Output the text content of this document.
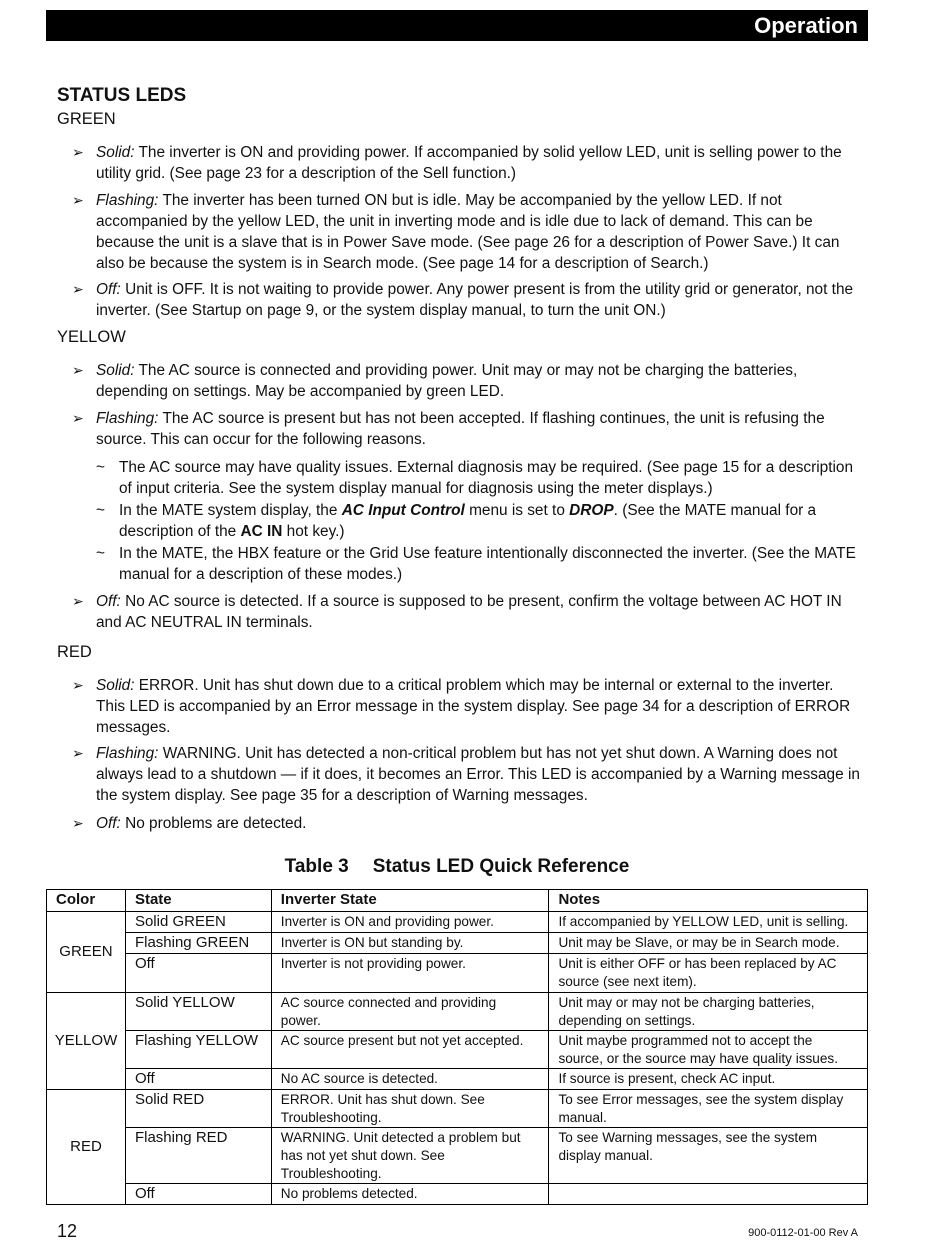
Operation
STATUS LEDS
GREEN
➢ Solid: The inverter is ON and providing power. If accompanied by solid yellow LED, unit is selling power to the utility grid. (See page 23 for a description of the Sell function.)
➢ Flashing: The inverter has been turned ON but is idle. May be accompanied by the yellow LED. If not accompanied by the yellow LED, the unit in inverting mode and is idle due to lack of demand. This can be because the unit is a slave that is in Power Save mode. (See page 26 for a description of Power Save.) It can also be because the system is in Search mode. (See page 14 for a description of Search.)
➢ Off: Unit is OFF. It is not waiting to provide power. Any power present is from the utility grid or generator, not the inverter. (See Startup on page 9, or the system display manual, to turn the unit ON.)
YELLOW
➢ Solid: The AC source is connected and providing power. Unit may or may not be charging the batteries, depending on settings. May be accompanied by green LED.
➢ Flashing: The AC source is present but has not been accepted. If flashing continues, the unit is refusing the source. This can occur for the following reasons.
~ The AC source may have quality issues. External diagnosis may be required. (See page 15 for a description of input criteria. See the system display manual for diagnosis using the meter displays.)
~ In the MATE system display, the AC Input Control menu is set to DROP. (See the MATE manual for a description of the AC IN hot key.)
~ In the MATE, the HBX feature or the Grid Use feature intentionally disconnected the inverter. (See the MATE manual for a description of these modes.)
➢ Off: No AC source is detected. If a source is supposed to be present, confirm the voltage between AC HOT IN and AC NEUTRAL IN terminals.
RED
➢ Solid: ERROR. Unit has shut down due to a critical problem which may be internal or external to the inverter. This LED is accompanied by an Error message in the system display. See page 34 for a description of ERROR messages.
➢ Flashing: WARNING. Unit has detected a non-critical problem but has not yet shut down. A Warning does not always lead to a shutdown — if it does, it becomes an Error. This LED is accompanied by a Warning message in the system display. See page 35 for a description of Warning messages.
➢ Off: No problems are detected.
Table 3 Status LED Quick Reference
Color	State	Inverter State	Notes
GREEN	Solid GREEN	Inverter is ON and providing power.	If accompanied by YELLOW LED, unit is selling.
	Flashing GREEN	Inverter is ON but standing by.	Unit may be Slave, or may be in Search mode.
	Off	Inverter is not providing power.	Unit is either OFF or has been replaced by AC source (see next item).
YELLOW	Solid YELLOW	AC source connected and providing power.	Unit may or may not be charging batteries, depending on settings.
	Flashing YELLOW	AC source present but not yet accepted.	Unit maybe programmed not to accept the source, or the source may have quality issues.
	Off	No AC source is detected.	If source is present, check AC input.
RED	Solid RED	ERROR. Unit has shut down. See Troubleshooting.	To see Error messages, see the system display manual.
	Flashing RED	WARNING. Unit detected a problem but has not yet shut down. See Troubleshooting.	To see Warning messages, see the system display manual.
	Off	No problems detected.	
12	900-0112-01-00 Rev A
